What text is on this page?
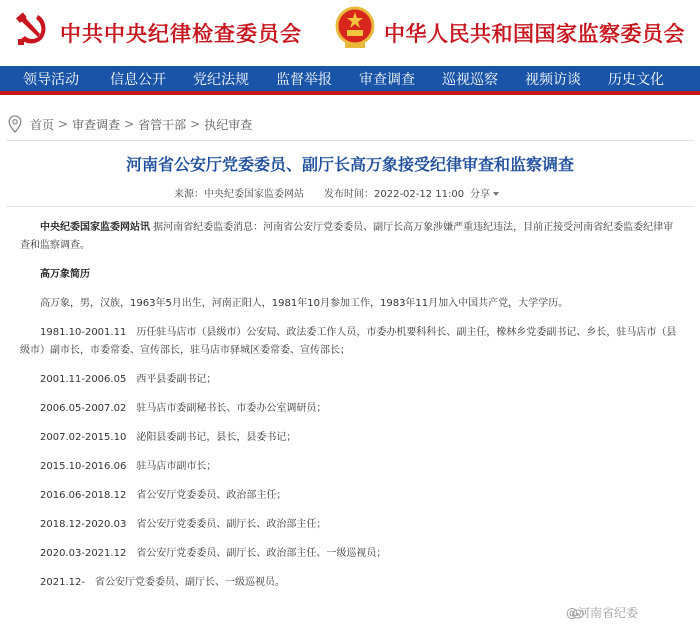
中共中央纪律检查委员会	中华人民共和国国家监察委员会
领导活动 信息公开 党纪法规 监督举报 审查调查 巡视巡察 视频访谈 历史文化
首页 > 审查调查 > 省管干部 > 执纪审查
河南省公安厅党委委员、副厅长高万象接受纪律审查和监察调查
来源：中央纪委国家监委网站 发布时间：2022-02-12 11:00 分享
中央纪委国家监委网站讯 据河南省纪委监委消息：河南省公安厅党委委员、副厅长高万象涉嫌严重违纪违法，目前正接受河南省纪委监委纪律审查和监察调查。
高万象简历
高万象，男，汉族，1963年5月出生，河南正阳人，1981年10月参加工作，1983年11月加入中国共产党，大学学历。
1981.10-2001.11　历任驻马店市（县级市）公安局、政法委工作人员，市委办机要科科长、副主任，橡林乡党委副书记、乡长，驻马店市（县级市）副市长，市委常委、宣传部长，驻马店市驿城区委常委、宣传部长；
2001.11-2006.05　西平县委副书记；
2006.05-2007.02　驻马店市委副秘书长、市委办公室调研员；
2007.02-2015.10　泌阳县委副书记，县长，县委书记；
2015.10-2016.06　驻马店市副市长；
2016.06-2018.12　省公安厅党委委员、政治部主任；
2018.12-2020.03　省公安厅党委委员、副厅长、政治部主任；
2020.03-2021.12　省公安厅党委委员、副厅长、政治部主任、一级巡视员；
2021.12-　省公安厅党委委员、副厅长、一级巡视员。
@河南省纪委
